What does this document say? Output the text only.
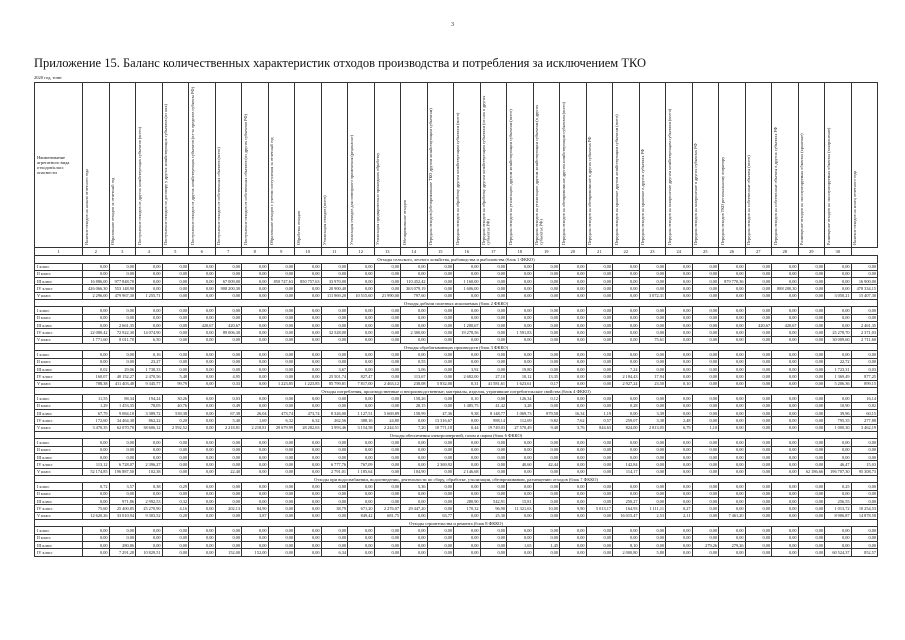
3
Приложение 15. Баланс количественных характеристик отходов производства и потребления за исключением ТКО
2020 год, тонн
Наименование агрегатного вида отходов/класс опасности	Наличие отходов на начало отчетного года	Образование отходов за отчетный год	Поступление отходов из других хозяйствующих субъектов (всего)	Поступление отходов по договору у других хозяйствующих субъектов (из них)	Поступление отходов от других хозяйствующих субъектов (из-за пределов субъекта РФ)	Поступление отходов от собственных объектов (всего)	Поступление отходов от собственных объектов (из других субъектов РФ)	Образование отходов с учетом поступления за отчетный год	Обработка отходов	Утилизация отходов (всего)	Утилизация отходов для повторного применения (рециклинг)	Утилизация предварительно прошедших обработку	Обезвреживание отходов	Передача отходов (обезвреживание ТКО другим хозяйствующим субъектам)	Передача отходов на обработку другим хозяйствующим субъектам (всего)	Передача отходов на обработку другим хозяйствующим субъектам (из них в других субъектах РФ)	Передача отходов на утилизацию другим хозяйствующим субъектам (всего)	Передача отходов на утилизацию другим хозяйствующим субъектам (в других субъектах РФ)	Передача отходов на обезвреживание другим хозяйствующим субъектам (всего)	Передача отходов на обезвреживание в других субъектах РФ	Передача отходов на хранение другим хозяйствующим субъектам (всего)	Передача отходов на хранение в других субъектах РФ	Передача отходов на захоронение другим хозяйствующим субъектам (всего)	Передача отходов на захоронение в других субъектах РФ	Передача отходов ТКО региональному оператору	Передача отходов на собственные объекты (всего)	Передача отходов на собственные объекты в других субъектах РФ	Размещение отходов на эксплуатируемых объектах (хранение)	Размещение отходов на эксплуатируемых объектах (захоронение)	Наличие отходов на конец отчетного года

1	2	3	4	5	6	7	8	9	10	11	12	13	14	15	16	17	18	19	20	21	22	23	24	25	26	27	28	29	30	
Отходы сельского, лесного хозяйства, рыбоводства и рыболовства (блок 1 ФККО)																														
I класс	0,00	0,00	0,00	0,00	0,00	0,00	0,00	0,00	0,00	0,00	0,00	0,00	0,00	0,00	0,00	0,00	0,00	0,00	0,00	0,00	0,00	0,00	0,00	0,00	0,00	0,00	0,00	0,00	0,00	0,00
II класс	0,00	0,00	0,00	0,00	0,00	0,00	0,00	0,00	0,00	0,00	0,00	0,00	0,00	0,00	0,00	0,00	0,00	0,00	0,00	0,00	0,00	0,00	0,00	0,00	0,00	0,00	0,00	0,00	0,00	0,00
III класс	16 886,00	977 848,70	0,00	0,00	0,00	67 009,00	0,00	850 747,63	850 757,63	33 970,00	0,00	0,00	110 452,42	0,00	1 160,00	0,00	0,00	0,00	0,00	0,00	0,00	0,00	0,00	0,00	879 770,36	0,00	0,00	0,00	0,00	16 900,00
IV класс	426 066,30	553 148,90	0,00	0,00	0,00	908 200,30	0,00	0,00	0,00	20 900,40	0,00	0,00	363 079,19	0,00	1 606,00	0,00	0,00	0,00	0,00	0,00	0,00	0,00	0,00	0,00	0,00	0,00	888 200,30	0,00	0,00	478 334,15
V класс	2 296,00	479 967,30	1 255,71	0,00	0,00	0,00	0,00	0,00	0,00	111 969,20	10 515,60	21 990,00	797,60	0,00	0,00	0,00	0,00	0,00	0,00	0,00	0,00	3 072,31	0,00	0,00	0,00	0,00	0,00	0,00	3 050,21	15 407,30
Отходы добычи полезных ископаемых (блок 2 ФККО)																														
I класс	0,00	0,00	0,00	0,00	0,00	0,00	0,00	0,00	0,00	0,00	0,00	0,00	0,00	0,00	0,00	0,00	0,00	0,00	0,00	0,00	0,00	0,00	0,00	0,00	0,00	0,00	0,00	0,00	0,00	0,00
II класс	0,00	0,00	0,00	0,00	0,00	0,00	0,00	0,00	0,00	0,00	0,00	0,00	0,00	0,00	0,00	0,00	0,00	0,00	0,00	0,00	0,00	0,00	0,00	0,00	0,00	0,00	0,00	0,00	0,00	0,00
III класс	0,00	2 661,35	0,00	0,00	420,67	420,67	0,00	0,00	0,00	0,00	0,00	0,00	0,00	0,00	1 200,67	0,00	0,00	0,00	0,00	0,00	0,00	0,00	0,00	0,00	0,00	420,67	420,67	0,00	0,00	2 461,35
IV класс	22 080,42	72 922,30	14 074,90	0,00	0,00	89 006,30	0,00	0,00	0,00	32 528,00	0,00	0,00	2 300,00	0,00	19 278,56	0,00	1 591,83	0,00	0,00	0,00	0,00	0,00	0,00	0,00	0,00	0,00	0,00	0,00	25 278,70	2 371,03
V класс	1 771,60	8 011,70	6,50	0,00	0,00	0,00	0,00	0,00	0,00	0,00	0,00	0,00	0,00	0,00	0,00	0,00	0,00	0,00	0,00	0,00	0,00	75,61	0,00	0,00	0,00	0,00	0,00	0,00	30 009,60	2 711,60
Отходы обрабатывающих производств (блок 3 ФККО)																														
I класс	0,00	0,00	0,16	0,00	0,00	0,00	0,00	0,00	0,00	0,00	0,00	0,00	0,00	0,00	0,00	0,00	0,00	0,00	0,00	0,00	0,00	0,00	0,00	0,00	0,00	0,00	0,00	0,00	0,00	0,00
II класс	0,00	0,00	23,27	0,00	0,00	0,00	0,00	0,00	0,00	0,00	0,00	0,00	0,55	0,00	0,00	0,00	0,00	0,00	0,00	0,00	0,00	0,00	0,00	0,00	0,00	0,00	0,00	0,00	22,72	0,00
III класс	0,02	29,06	1 738,33	0,00	0,00	0,00	0,00	0,00	0,00	3,67	0,00	0,00	3,06	0,00	3,92	0,00	19,80	0,00	0,00	0,00	7,24	0,00	0,00	0,00	0,00	0,00	0,00	0,00	1 723,31	0,03
IV класс	160,07	40 152,27	2 470,56	5,48	0,00	4,95	0,00	0,00	0,00	25 501,74	827,47	0,00	113,67	0,00	2 682,00	27,10	10,12	13,35	0,00	0,00	2 184,43	17,94	0,00	0,00	0,00	0,00	0,00	0,00	1 369,49	877,25
V класс	788,38	411 403,48	9 345,77	99,79	0,00	0,33	0,00	1 223,85	1 223,85	85 799,81	7 817,00	2 463,12	238,08	5 832,00	0,31	41 581,61	1 623,61	0,17	0,00	0,00	2 927,24	23,50	0,10	0,00	0,00	0,00	0,00	0,00	5 206,36	899,15
Отходы потребления, производственные и непроизводственные; материалы, изделия, утратившие потребительские свойства (блок 4 ФККО)																														
I класс	11,55	88,34	194,24	30,26	0,00	0,03	0,00	0,00	0,00	0,00	0,00	0,00	158,26	0,00	0,10	0,00	126,34	0,12	0,00	0,00	0,00	0,00	0,00	0,00	0,00	0,00	0,00	0,00	0,00	16,14
II класс	1,29	1 453,35	78,05	40,76	0,00	0,49	0,00	0,00	0,00	0,00	0,00	0,00	28,15	0,00	1 485,75	41,42	3,28	0,00	0,00	0,00	0,28	0,00	0,00	0,00	0,00	0,00	0,00	0,00	10,90	0,82
III класс	67,79	9 084,10	3 389,72	539,38	0,00	67,38	26,04	473,74	473,74	8 326,00	1 127,51	5 669,89	158,99	47,36	9,38	8 148,77	1 069,73	879,58	16,34	1,19	0,00	3,39	0,00	0,00	0,00	0,00	0,00	0,00	39,96	60,15
IV класс	172,60	34 464,38	862,22	0,20	0,00	5,40	1,69	6,32	6,32	262,56	388,16	24,80	0,00	13 316,67	0,00	988,14	112,69	9,82	7,62	0,57	259,07	3,38	2,48	0,00	0,00	0,00	0,00	0,00	795,35	277,88
V класс	3 470,35	62 070,70	38 606,12	2 592,52	0,00	2 218,81	2 218,81	29 679,99	28 282,63	3 993,46	3 154,58	2 244,51	7,20	10 771,18	0,44	19 749,03	27 570,49	9,40	3,76	844,63	824,00	2 813,05	6,79	1,10	0,00	0,00	0,00	0,00	1 000,30	3 462,19
Отходы обеспечения электроэнергией, газом и паром (блок 6 ФККО)																														
I класс	0,00	0,00	0,00	0,00	0,00	0,00	0,00	0,00	0,00	0,00	0,00	0,00	0,00	0,00	0,00	0,00	0,00	0,00	0,00	0,00	0,00	0,00	0,00	0,00	0,00	0,00	0,00	0,00	0,00	0,00
II класс	0,00	0,00	0,00	0,00	0,00	0,00	0,00	0,00	0,00	0,00	0,00	0,00	0,00	0,00	0,00	0,00	0,00	0,00	0,00	0,00	0,00	0,00	0,00	0,00	0,00	0,00	0,00	0,00	0,00	0,00
III класс	0,00	0,00	0,00	0,00	0,00	0,00	0,00	0,00	0,00	0,00	0,00	0,00	0,00	0,00	0,00	0,00	0,00	0,00	0,00	0,00	0,00	0,00	0,00	0,00	0,00	0,00	0,00	0,00	0,00	0,00
IV класс	113,12	6 728,07	2 396,27	0,00	0,00	0,00	0,00	0,00	0,00	6 777,76	767,09	0,00	0,00	2 369,92	0,00	0,00	40,60	42,44	0,00	0,00	142,84	0,00	0,00	0,00	0,00	0,00	0,00	0,00	46,47	15,03
V класс	52 174,85	196 887,50	102,38	0,00	0,00	22,40	0,00	0,00	0,00	2 791,01	1 185,64	0,00	104,90	0,00	2 146,68	0,00	0,00	0,00	0,00	0,00	114,17	0,00	0,00	0,00	0,00	0,00	0,00	62 186,66	196 707,30	95 308,73
Отходы при водоснабжении, водоотведении, деятельности по сбору, обработке, утилизации, обезвреживанию, размещению отходов (блок 7 ФККО)																														
I класс	0,72	3,57	0,38	0,29	0,00	0,00	0,00	0,00	0,00	0,00	0,00	0,00	5,36	0,00	0,00	0,00	0,00	0,00	0,00	0,00	0,00	0,00	0,00	0,00	0,00	0,00	0,00	0,00	0,25	0,00
II класс	0,00	0,00	0,00	0,00	0,00	0,00	0,00	0,00	0,00	0,00	0,00	0,00	0,00	0,00	0,00	0,00	0,00	0,00	0,00	0,00	0,00	0,00	0,00	0,00	0,00	0,00	0,00	0,00	0,00	0,00
III класс	0,00	971,86	2 992,53	0,32	0,00	0,00	0,00	0,00	0,00	0,00	0,00	0,00	0,00	0,00	280,90	542,91	15,81	0,00	0,00	0,00	250,27	0,00	0,00	0,00	0,00	0,00	0,00	0,00	256,55	0,00
IV класс	75,60	25 400,85	25 270,90	4,16	0,00	202,13	84,90	0,00	0,00	38,79	671,20	2 276,07	29 447,20	0,00	170,32	96,90	11 321,63	10,00	9,90	5 013,17	164,93	1 111,11	0,27	0,00	0,00	0,00	0,00	0,00	1 013,72	10 254,53
V класс	12 620,26	33 010,94	9 303,52	0,20	0,00	0,00	3,87	0,00	0,00	0,00	849,42	681,75	0,00	63,77	0,00	25,30	0,00	0,00	0,00	0,00	16 015,47	2,53	2,11	0,00	7 461,20	0,00	0,00	0,00	8 906,87	14 878,58
Отходы строительства и ремонта (блок 8 ФККО)																														
I класс	0,00	0,00	0,00	0,00	0,00	0,00	0,00	0,00	0,00	0,00	0,00	0,00	0,00	0,00	0,00	0,00	0,00	0,00	0,00	0,00	0,00	0,00	0,00	0,00	0,00	0,00	0,00	0,00	0,00	0,00
II класс	0,00	0,00	0,00	0,00	0,00	0,00	0,00	0,00	0,00	0,00	0,00	0,00	0,00	0,00	0,00	0,00	0,00	0,00	0,00	0,00	0,00	0,00	0,00	0,00	0,00	0,00	0,00	0,00	0,00	0,00
III класс	0,00	280,86	0,00	0,00	0,00	0,00	0,00	0,00	0,00	0,00	0,00	0,00	0,00	0,00	0,00	0,00	1,65	1,45	0,00	0,00	8,10	0,00	0,00	279,26	279,26	0,00	0,00	0,00	0,00	0,00
IV класс	0,00	7 291,28	10 829,51	0,00	0,00	152,00	152,00	0,00	0,00	6,34	0,00	0,00	0,00	0,00	0,00	0,00	0,00	0,00	0,00	0,00	2 000,80	5,80	0,00	0,00	0,00	0,00	0,00	0,00	60 524,37	852,57
